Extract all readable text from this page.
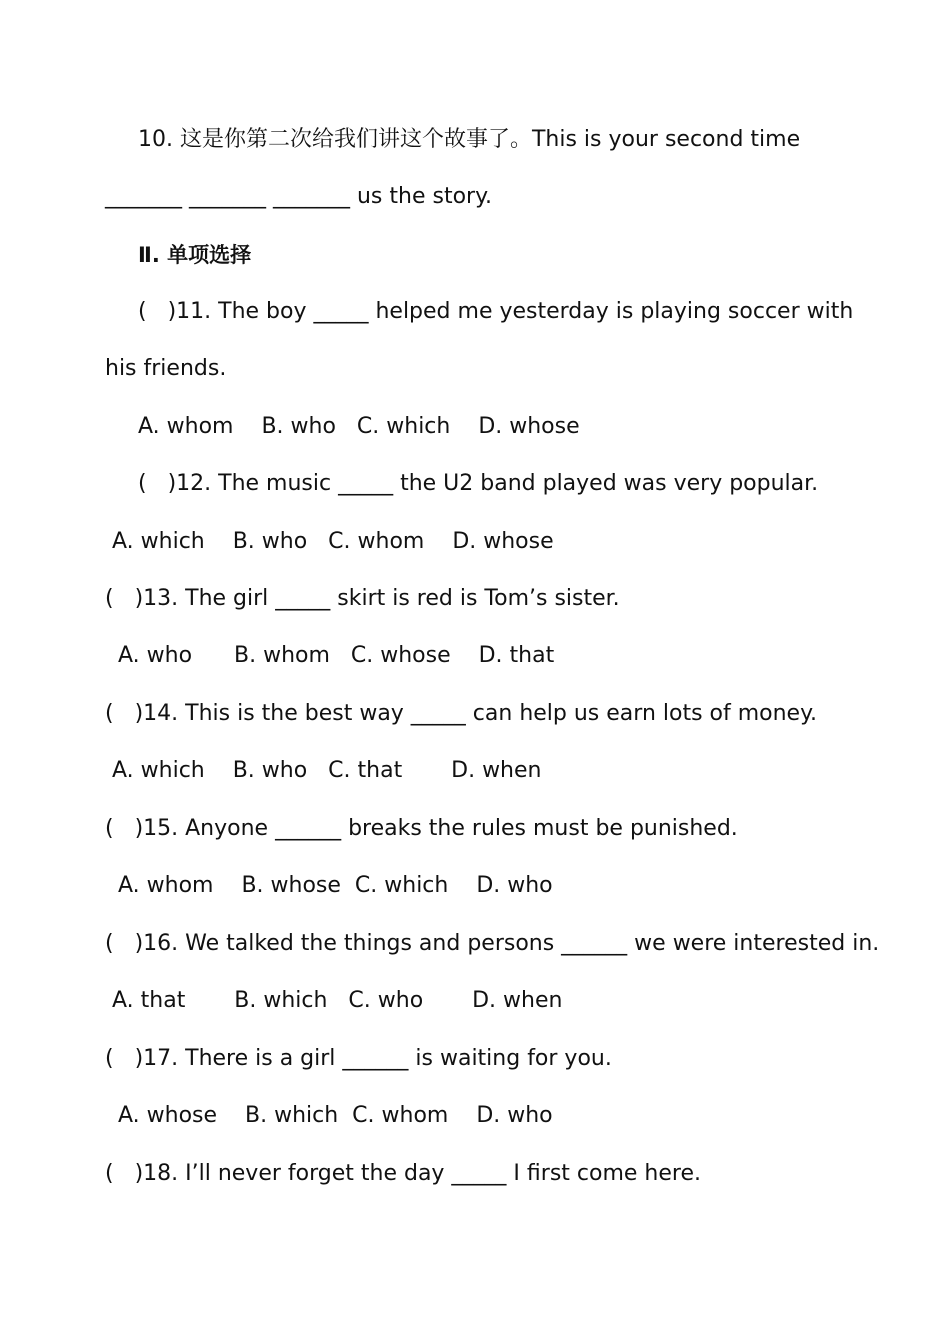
10. 这是你第二次给我们讲这个故事了。This is your second time
_______ _______ _______ us the story.
Ⅱ. 单项选择
(   )11. The boy _____ helped me yesterday is playing soccer with
his friends.
A. whom    B. who   C. which    D. whose
(   )12. The music _____ the U2 band played was very popular.
A. which    B. who   C. whom    D. whose
(   )13. The girl _____ skirt is red is Tom’s sister.
A. who      B. whom   C. whose    D. that
(   )14. This is the best way _____ can help us earn lots of money.
A. which    B. who   C. that       D. when
(   )15. Anyone ______ breaks the rules must be punished.
A. whom    B. whose  C. which    D. who
(   )16. We talked the things and persons ______ we were interested in.
A. that       B. which   C. who       D. when
(   )17. There is a girl ______ is waiting for you.
A. whose    B. which  C. whom    D. who
(   )18. I’ll never forget the day _____ I first come here.
